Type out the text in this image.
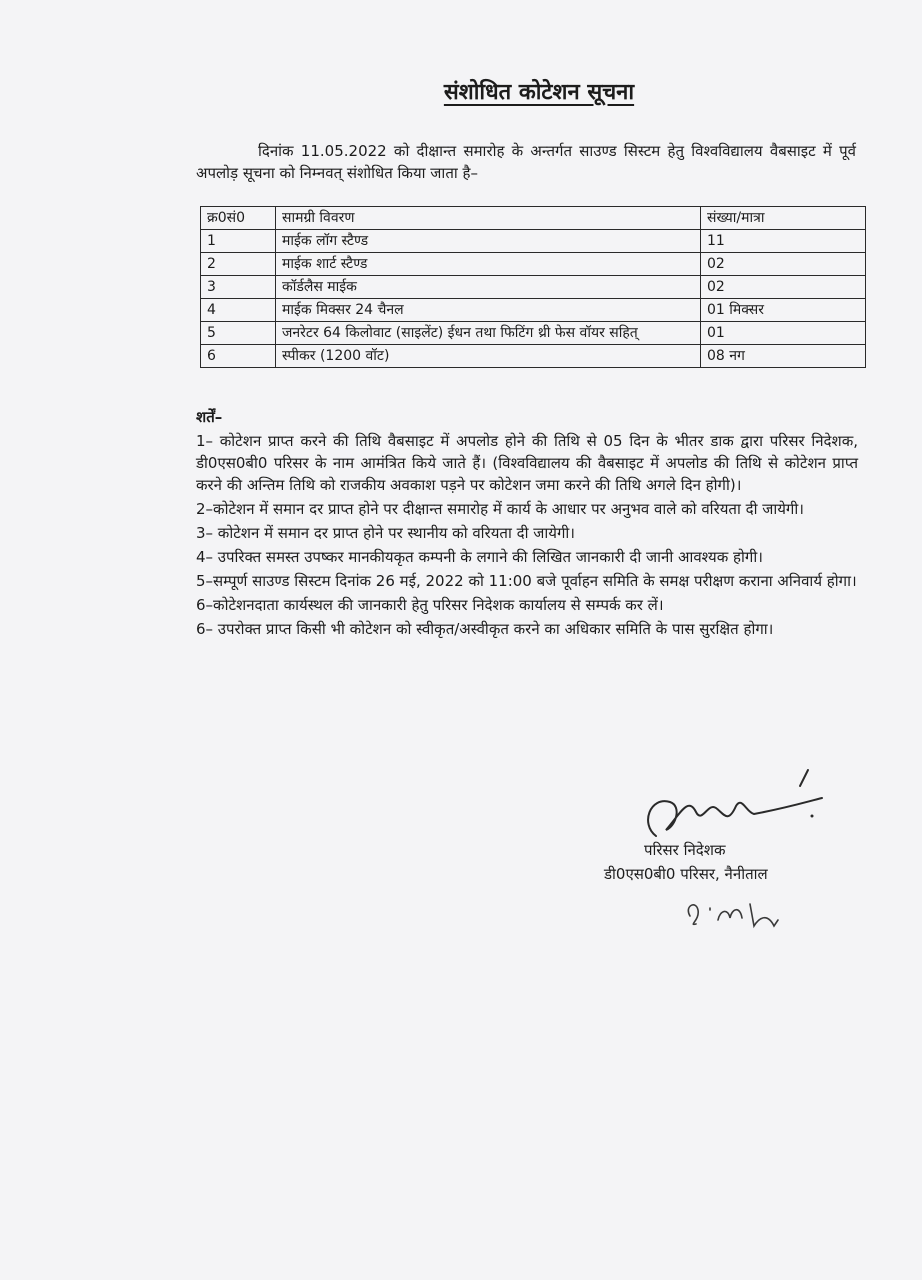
संशोधित कोटेशन सूचना
दिनांक 11.05.2022 को दीक्षान्त समारोह के अन्तर्गत साउण्ड सिस्टम हेतु विश्वविद्यालय वैबसाइट में पूर्व अपलोड़ सूचना को निम्नवत् संशोधित किया जाता है–
क्र0सं0	सामग्री विवरण	संख्या/मात्रा
1	माईक लॉग स्टैण्ड	11
2	माईक शार्ट स्टैण्ड	02
3	कॉर्डलैस माईक	02
4	माईक मिक्सर 24 चैनल	01 मिक्सर
5	जनरेटर 64 किलोवाट (साइलेंट) ईधन तथा फिटिंग थ्री फेस वॉयर सहित्	01
6	स्पीकर (1200 वॉट)	08 नग
शर्तें–
1– कोटेशन प्राप्त करने की तिथि वैबसाइट में अपलोड होने की तिथि से 05 दिन के भीतर डाक द्वारा परिसर निदेशक, डी0एस0बी0 परिसर के नाम आमंत्रित किये जाते हैं। (विश्वविद्यालय की वैबसाइट में अपलोड की तिथि से कोटेशन प्राप्त करने की अन्तिम तिथि को राजकीय अवकाश पड़ने पर कोटेशन जमा करने की तिथि अगले दिन होगी)।
2–कोटेशन में समान दर प्राप्त होने पर दीक्षान्त समारोह में कार्य के आधार पर अनुभव वाले को वरियता दी जायेगी।
3– कोटेशन में समान दर प्राप्त होने पर स्थानीय को वरियता दी जायेगी।
4– उपरिक्त समस्त उपष्कर मानकीयकृत कम्पनी के लगाने की लिखित जानकारी दी जानी आवश्यक होगी।
5–सम्पूर्ण साउण्ड सिस्टम दिनांक 26 मई, 2022 को 11:00 बजे पूर्वाहन समिति के समक्ष परीक्षण कराना अनिवार्य होगा।
6–कोटेशनदाता कार्यस्थल की जानकारी हेतु परिसर निदेशक कार्यालय से सम्पर्क कर लें।
6– उपरोक्त प्राप्त किसी भी कोटेशन को स्वीकृत/अस्वीकृत करने का अधिकार समिति के पास सुरक्षित होगा।
परिसर निदेशक
डी0एस0बी0 परिसर, नैनीताल
